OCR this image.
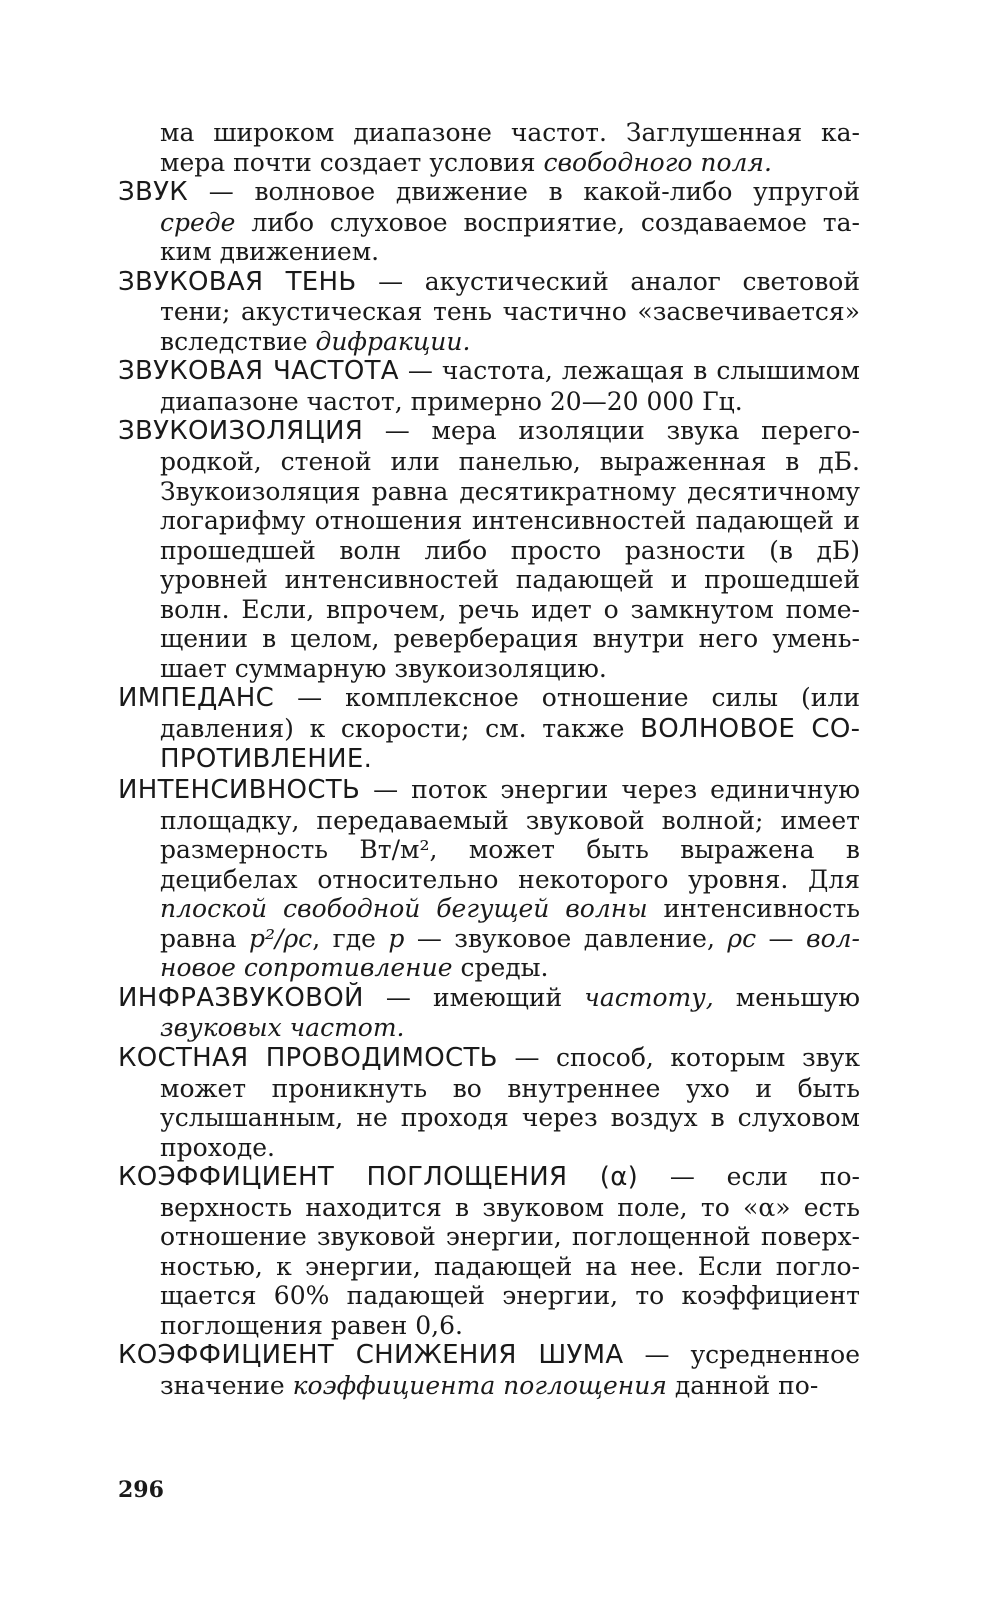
ма широком диапазоне частот. Заглушенная камера почти создает условия свободного поля.

ЗВУК — волновое движение в какой-либо упругой среде либо слуховое восприятие, создаваемое таким движением.

ЗВУКОВАЯ ТЕНЬ — акустический аналог световой тени; акустическая тень частично «засвечивается» вследствие дифракции.

ЗВУКОВАЯ ЧАСТОТА — частота, лежащая в слышимом диапазоне частот, примерно 20—20 000 Гц.

ЗВУКОИЗОЛЯЦИЯ — мера изоляции звука перегородкой, стеной или панелью, выраженная в дБ. Звукоизоляция равна десятикратному десятичному логарифму отношения интенсивностей падающей и прошедшей волн либо просто разности (в дБ) уровней интенсивностей падающей и прошедшей волн. Если, впрочем, речь идет о замкнутом помещении в целом, реверберация внутри него уменьшает суммарную звукоизоляцию.

ИМПЕДАНС — комплексное отношение силы (или давления) к скорости; см. также ВОЛНОВОЕ СОПРОТИВЛЕНИЕ.

ИНТЕНСИВНОСТЬ — поток энергии через единичную площадку, передаваемый звуковой волной; имеет размерность Вт/м², может быть выражена в децибелах относительно некоторого уровня. Для плоской свободной бегущей волны интенсивность равна p²/ρc, где p — звуковое давление, ρc — волновое сопротивление среды.

ИНФРАЗВУКОВОЙ — имеющий частоту, меньшую звуковых частот.

КОСТНАЯ ПРОВОДИМОСТЬ — способ, которым звук может проникнуть во внутреннее ухо и быть услышанным, не проходя через воздух в слуховом проходе.

КОЭФФИЦИЕНТ ПОГЛОЩЕНИЯ (α) — если поверхность находится в звуковом поле, то «α» есть отношение звуковой энергии, поглощенной поверхностью, к энергии, падающей на нее. Если поглощается 60% падающей энергии, то коэффициент поглощения равен 0,6.

КОЭФФИЦИЕНТ СНИЖЕНИЯ ШУМА — усредненное значение коэффициента поглощения данной по-

296
